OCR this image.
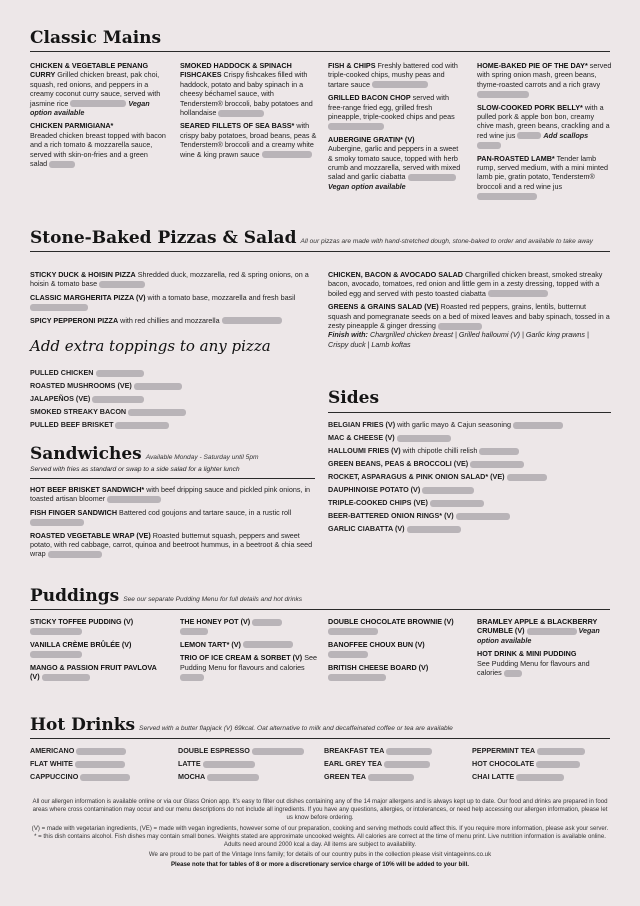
Classic Mains
CHICKEN & VEGETABLE PENANG CURRY Grilled chicken breast, pak choi, squash, red onions, and peppers in a creamy coconut curry sauce, served with jasmine rice	Vegan option available
CHICKEN PARMIGIANA*
Breaded chicken breast topped with bacon and a rich tomato & mozzarella sauce, served with skin-on-fries and a green salad
SMOKED HADDOCK & SPINACH FISHCAKES Crispy fishcakes filled with haddock, potato and baby spinach in a cheesy béchamel sauce, with Tenderstem® broccoli, baby potatoes and hollandaise
SEARED FILLETS OF SEA BASS* with crispy baby potatoes, broad beans, peas & Tenderstem® broccoli and a creamy white wine & king prawn sauce
FISH & CHIPS Freshly battered cod with triple-cooked chips, mushy peas and tartare sauce
GRILLED BACON CHOP served with free-range fried egg, grilled fresh pineapple, triple-cooked chips and peas
AUBERGINE GRATIN* (V)
Aubergine, garlic and peppers in a sweet & smoky tomato sauce, topped with herb crumb and mozzarella, served with mixed salad and garlic ciabatta  Vegan option available
HOME-BAKED PIE OF THE DAY* served with spring onion mash, green beans, thyme-roasted carrots and a rich gravy
SLOW-COOKED PORK BELLY* with a pulled pork & apple bon bon, creamy chive mash, green beans, crackling and a red wine jus	Add scallops
PAN-ROASTED LAMB* Tender lamb rump, served medium, with a mini minted lamb pie, gratin potato, Tenderstem® broccoli and a red wine jus
Stone-Baked Pizzas & Salad All our pizzas are made with hand-stretched dough, stone-baked to order and available to take away
STICKY DUCK & HOISIN PIZZA Shredded duck, mozzarella, red & spring onions, on a hoisin & tomato base
CLASSIC MARGHERITA PIZZA (V) with a tomato base, mozzarella and fresh basil
SPICY PEPPERONI PIZZA with red chillies and mozzarella
Add extra toppings to any pizza
PULLED CHICKEN
ROASTED MUSHROOMS (VE)
JALAPEÑOS (VE)
SMOKED STREAKY BACON
PULLED BEEF BRISKET
Sandwiches Available Monday - Saturday until 5pm
Served with fries as standard or swap to a side salad for a lighter lunch
HOT BEEF BRISKET SANDWICH* with beef dripping sauce and pickled pink onions, in toasted artisan bloomer
FISH FINGER SANDWICH Battered cod goujons and tartare sauce, in a rustic roll
ROASTED VEGETABLE WRAP (VE) Roasted butternut squash, peppers and sweet potato, with red cabbage, carrot, quinoa and beetroot hummus, in a beetroot & chia seed wrap
CHICKEN, BACON & AVOCADO SALAD Chargrilled chicken breast, smoked streaky bacon, avocado, tomatoes, red onion and little gem in a zesty dressing, topped with a boiled egg and served with pesto toasted ciabatta
GREENS & GRAINS SALAD (VE) Roasted red peppers, grains, lentils, butternut squash and pomegranate seeds on a bed of mixed leaves and baby spinach, tossed in a zesty pineapple & ginger dressing
Finish with: Chargrilled chicken breast | Grilled halloumi (V) | Garlic king prawns | Crispy duck | Lamb koftas
Sides
BELGIAN FRIES (V) with garlic mayo & Cajun seasoning
MAC & CHEESE (V)
HALLOUMI FRIES (V) with chipotle chilli relish
GREEN BEANS, PEAS & BROCCOLI (VE)
ROCKET, ASPARAGUS & PINK ONION SALAD* (VE)
DAUPHINOISE POTATO (V)
TRIPLE-COOKED CHIPS (VE)
BEER-BATTERED ONION RINGS* (V)
GARLIC CIABATTA (V)
Puddings See our separate Pudding Menu for full details and hot drinks
STICKY TOFFEE PUDDING (V)

VANILLA CRÈME BRÛLÉE (V)

MANGO & PASSION FRUIT PAVLOVA (V)
THE HONEY POT (V)

LEMON TART* (V)
TRIO OF ICE CREAM & SORBET (V) See Pudding Menu for flavours and calories
DOUBLE CHOCOLATE BROWNIE (V)
BANOFFEE CHOUX BUN (V)

BRITISH CHEESE BOARD (V)

BRAMLEY APPLE & BLACKBERRY CRUMBLE (V)	Vegan option available
HOT DRINK & MINI PUDDING
See Pudding Menu for flavours and calories
Hot Drinks Served with a butter flapjack (V) 69kcal. Oat alternative to milk and decaffeinated coffee or tea are available
AMERICANO
FLAT WHITE
CAPPUCCINO
DOUBLE ESPRESSO
LATTE
MOCHA
BREAKFAST TEA
EARL GREY TEA
GREEN TEA
PEPPERMINT TEA
HOT CHOCOLATE
CHAI LATTE

All our allergen information is available online or via our Glass Onion app. It's easy to filter out dishes containing any of the 14 major allergens and is always kept up to date. Our food and drinks are prepared in food areas where cross contamination may occur and our menu descriptions do not include all ingredients. If you have any questions, allergies, or intolerances, or need help accessing our allergen information, please let us know before ordering.

(V) = made with vegetarian ingredients, (VE) = made with vegan ingredients, however some of our preparation, cooking and serving methods could affect this. If you require more information, please ask your server. * = this dish contains alcohol. Fish dishes may contain small bones. Weights stated are approximate uncooked weights. All calories are correct at the time of menu print. Live nutrition information is available online. Adults need around 2000 kcal a day. All items are subject to availability.

We are proud to be part of the Vintage Inns family; for details of our country pubs in the collection please visit vintageinns.co.uk

Please note that for tables of 8 or more a discretionary service charge of 10% will be added to your bill.
